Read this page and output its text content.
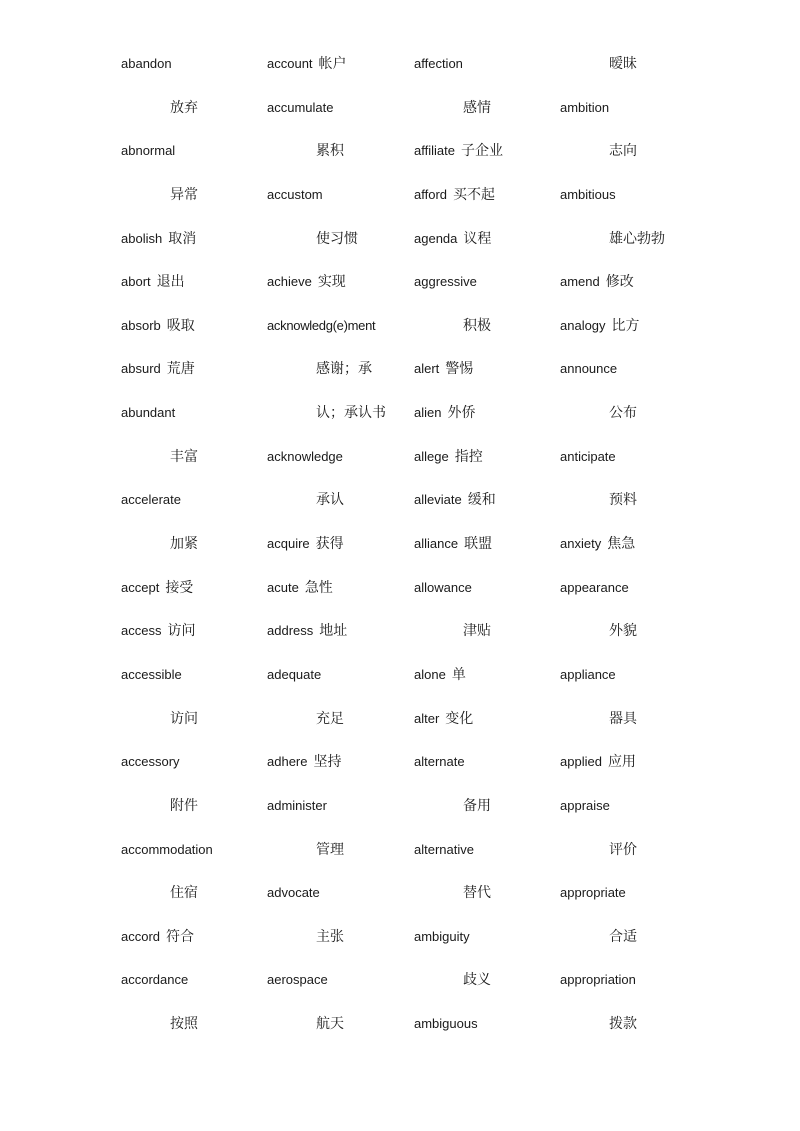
abandon
放弃
abnormal
异常
abolish 取消
abort 退出
absorb 吸取
absurd 荒唐
abundant
丰富
accelerate
加紧
accept 接受
access 访问
accessible
访问
accessory
附件
accommodation
住宿
accord 符合
accordance
按照
account 帐户
accumulate
累积
accustom
使习惯
achieve 实现
acknowledg(e)ment
感谢；承
认；承认书
acknowledge
承认
acquire 获得
acute 急性
address 地址
adequate
充足
adhere 坚持
administer
管理
advocate
主张
aerospace
航天
affection
感情
affiliate 子企业
afford 买不起
agenda 议程
aggressive
积极
alert 警惕
alien 外侨
allege 指控
alleviate 缓和
alliance 联盟
allowance
津贴
alone 单
alter 变化
alternate
备用
alternative
替代
ambiguity
歧义
ambiguous
暧昧
ambition
志向
ambitious
雄心勃勃
amend 修改
analogy 比方
announce
公布
anticipate
预料
anxiety 焦急
appearance
外貌
appliance
器具
applied 应用
appraise
评价
appropriate
合适
appropriation
拨款
